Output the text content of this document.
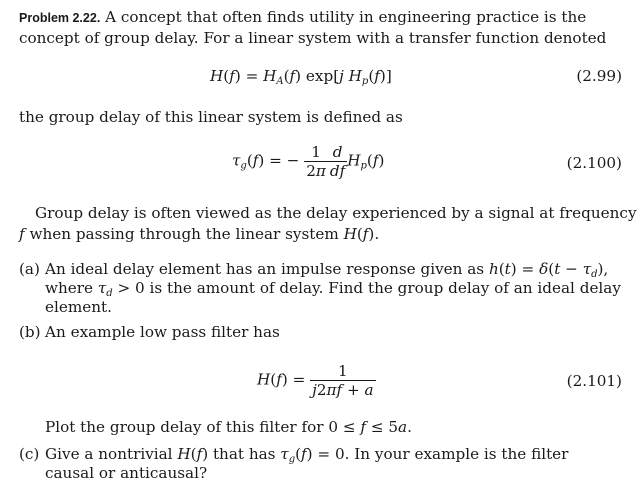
Problem 2.22. A concept that often finds utility in engineering practice is the
concept of group delay. For a linear system with a transfer function denoted
$H(f) = H_A(f)$ exp[j $H_p(f)$]	(2.99)
the group delay of this linear system is defined as
$\tau_g(f)$ = − $\frac{1}{2\pi} \frac{d}{df} H_p(f)$	(2.100)
Group delay is often viewed as the delay experienced by a signal at frequency
f when passing through the linear system H(f).
(a) An ideal delay element has an impulse response given as $h(t) = \delta(t - \tau_d)$,
where $\tau_d > 0$ is the amount of delay. Find the group delay of an ideal delay
element.
(b) An example low pass filter has
$H(f) = \frac{1}{j2\pi f + a}$	(2.101)
Plot the group delay of this filter for 0 ≤ f ≤ 5a.
(c) Give a nontrivial H(f) that has $\tau_g(f) = 0$. In your example is the filter
causal or anticausal?
